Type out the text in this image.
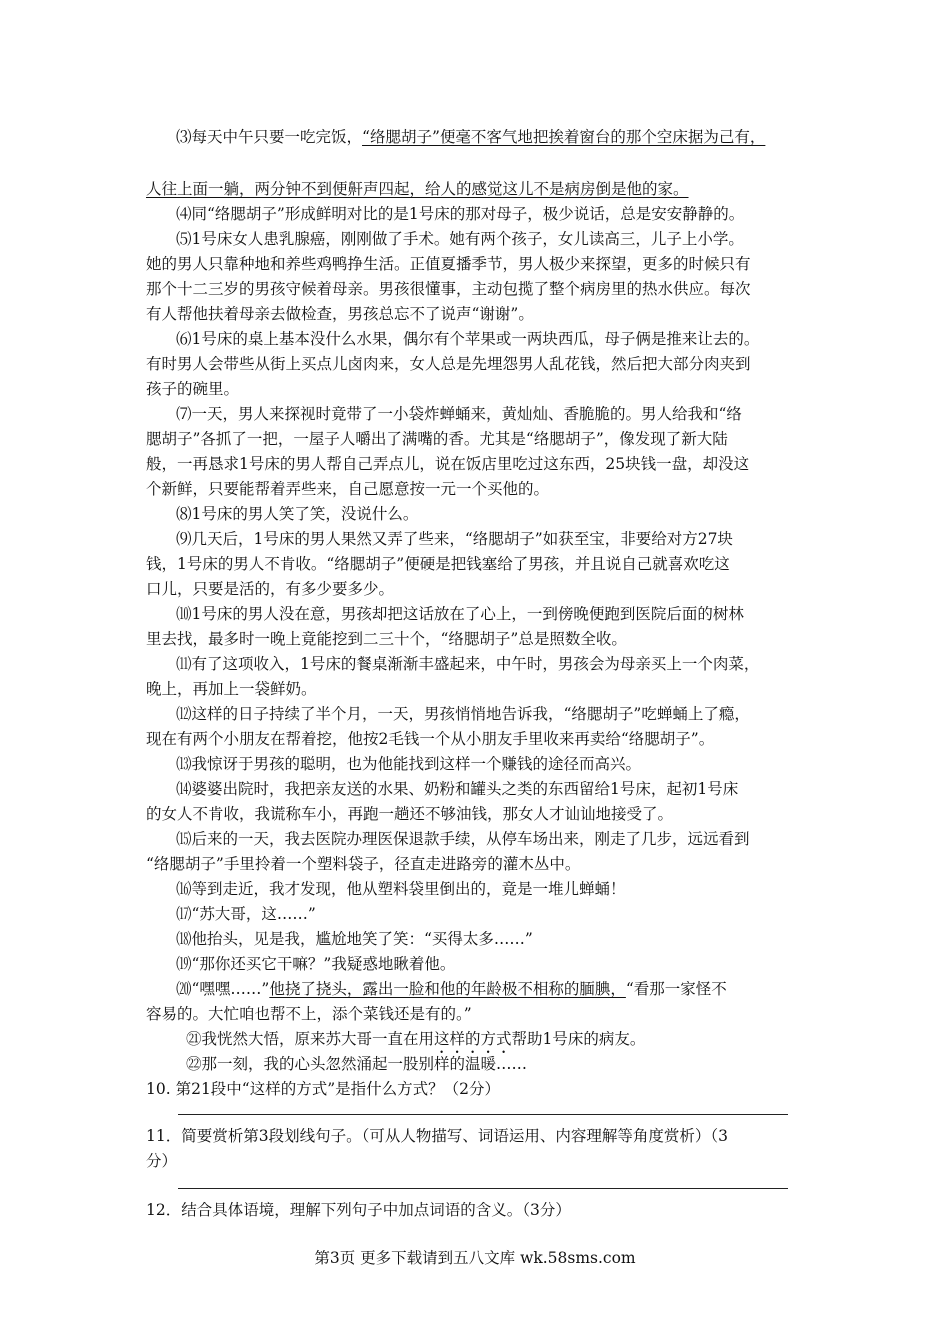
⑶每天中午只要一吃完饭，“络腮胡子”便毫不客气地把挨着窗台的那个空床据为己有，
人往上面一躺，两分钟不到便鼾声四起，给人的感觉这儿不是病房倒是他的家。
⑷同“络腮胡子”形成鲜明对比的是1号床的那对母子，极少说话，总是安安静静的。
⑸1号床女人患乳腺癌，刚刚做了手术。她有两个孩子，女儿读高三，儿子上小学。
她的男人只靠种地和养些鸡鸭挣生活。正值夏播季节，男人极少来探望，更多的时候只有
那个十二三岁的男孩守候着母亲。男孩很懂事，主动包揽了整个病房里的热水供应。每次
有人帮他扶着母亲去做检查，男孩总忘不了说声“谢谢”。
⑹1号床的桌上基本没什么水果，偶尔有个苹果或一两块西瓜，母子俩是推来让去的。
有时男人会带些从街上买点儿卤肉来，女人总是先埋怨男人乱花钱，然后把大部分肉夹到
孩子的碗里。
⑺一天，男人来探视时竟带了一小袋炸蝉蛹来，黄灿灿、香脆脆的。男人给我和“络
腮胡子”各抓了一把，一屋子人嚼出了满嘴的香。尤其是“络腮胡子”，像发现了新大陆
般，一再恳求1号床的男人帮自己弄点儿，说在饭店里吃过这东西，25块钱一盘，却没这
个新鲜，只要能帮着弄些来，自己愿意按一元一个买他的。
⑻1号床的男人笑了笑，没说什么。
⑼几天后，1号床的男人果然又弄了些来，“络腮胡子”如获至宝，非要给对方27块
钱，1号床的男人不肯收。“络腮胡子”便硬是把钱塞给了男孩，并且说自己就喜欢吃这
口儿，只要是活的，有多少要多少。
⑽1号床的男人没在意，男孩却把这话放在了心上，一到傍晚便跑到医院后面的树林
里去找，最多时一晚上竟能挖到二三十个，“络腮胡子”总是照数全收。
⑾有了这项收入，1号床的餐桌渐渐丰盛起来，中午时，男孩会为母亲买上一个肉菜，
晚上，再加上一袋鲜奶。
⑿这样的日子持续了半个月，一天，男孩悄悄地告诉我，“络腮胡子”吃蝉蛹上了瘾，
现在有两个小朋友在帮着挖，他按2毛钱一个从小朋友手里收来再卖给“络腮胡子”。
⒀我惊讶于男孩的聪明，也为他能找到这样一个赚钱的途径而高兴。
⒁婆婆出院时，我把亲友送的水果、奶粉和罐头之类的东西留给1号床，起初1号床
的女人不肯收，我谎称车小，再跑一趟还不够油钱，那女人才讪讪地接受了。
⒂后来的一天，我去医院办理医保退款手续，从停车场出来，刚走了几步，远远看到
“络腮胡子”手里拎着一个塑料袋子，径直走进路旁的灌木丛中。
⒃等到走近，我才发现，他从塑料袋里倒出的，竟是一堆儿蝉蛹！
⒄“苏大哥，这……”
⒅他抬头，见是我，尴尬地笑了笑：“买得太多……”
⒆“那你还买它干嘛？”我疑惑地瞅着他。
⒇“嘿嘿……”他挠了挠头，露出一脸和他的年龄极不相称的腼腆，“看那一家怪不
容易的。大忙咱也帮不上，添个菜钱还是有的。”
㉑我恍然大悟，原来苏大哥一直在用这样的方式帮助1号床的病友。
㉒那一刻，我的心头忽然涌起一股别样的温暖……
10. 第21段中“这样的方式”是指什么方式？（2分）
11．简要赏析第3段划线句子。（可从人物描写、词语运用、内容理解等角度赏析）（3
分）
12．结合具体语境，理解下列句子中加点词语的含义。（3分）
第3页 更多下载请到五八文库 wk.58sms.com
